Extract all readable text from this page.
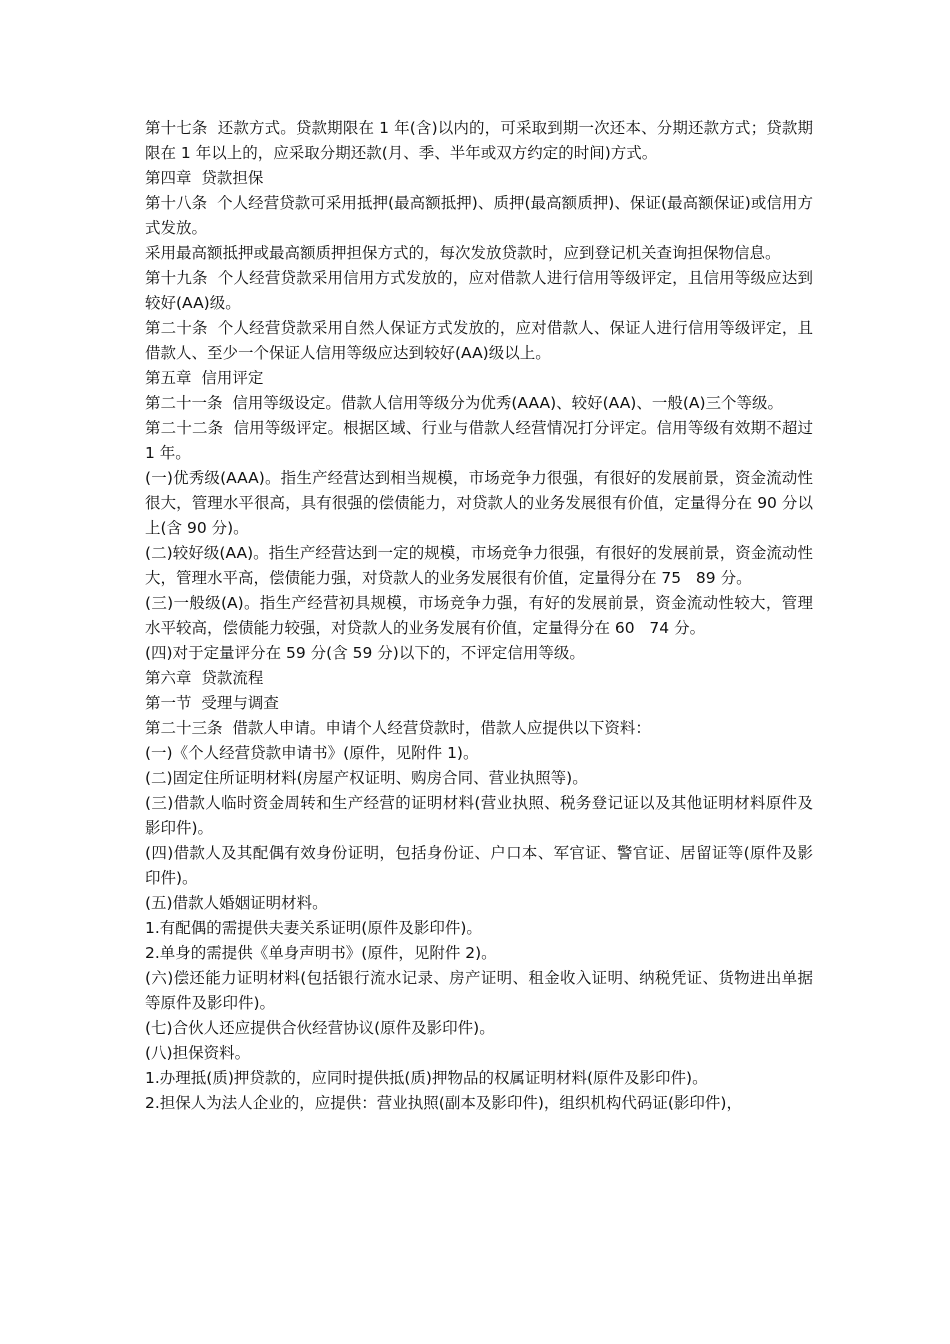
第十七条  还款方式。贷款期限在 1 年(含)以内的，可采取到期一次还本、分期还款方式；贷款期限在 1 年以上的，应采取分期还款(月、季、半年或双方约定的时间)方式。

第四章  贷款担保

第十八条  个人经营贷款可采用抵押(最高额抵押)、质押(最高额质押)、保证(最高额保证)或信用方式发放。

采用最高额抵押或最高额质押担保方式的，每次发放贷款时，应到登记机关查询担保物信息。

第十九条  个人经营贷款采用信用方式发放的，应对借款人进行信用等级评定，且信用等级应达到较好(AA)级。

第二十条  个人经营贷款采用自然人保证方式发放的，应对借款人、保证人进行信用等级评定，且借款人、至少一个保证人信用等级应达到较好(AA)级以上。

第五章  信用评定

第二十一条  信用等级设定。借款人信用等级分为优秀(AAA)、较好(AA)、一般(A)三个等级。

第二十二条  信用等级评定。根据区域、行业与借款人经营情况打分评定。信用等级有效期不超过 1 年。

(一)优秀级(AAA)。指生产经营达到相当规模，市场竞争力很强，有很好的发展前景，资金流动性很大，管理水平很高，具有很强的偿债能力，对贷款人的业务发展很有价值，定量得分在 90 分以上(含 90 分)。

(二)较好级(AA)。指生产经营达到一定的规模，市场竞争力很强，有很好的发展前景，资金流动性大，管理水平高，偿债能力强，对贷款人的业务发展很有价值，定量得分在 75   89 分。

(三)一般级(A)。指生产经营初具规模，市场竞争力强，有好的发展前景，资金流动性较大，管理水平较高，偿债能力较强，对贷款人的业务发展有价值，定量得分在 60   74 分。

(四)对于定量评分在 59 分(含 59 分)以下的，不评定信用等级。

第六章  贷款流程

第一节  受理与调查

第二十三条  借款人申请。申请个人经营贷款时，借款人应提供以下资料：

(一)《个人经营贷款申请书》(原件，见附件 1)。

(二)固定住所证明材料(房屋产权证明、购房合同、营业执照等)。

(三)借款人临时资金周转和生产经营的证明材料(营业执照、税务登记证以及其他证明材料原件及影印件)。

(四)借款人及其配偶有效身份证明，包括身份证、户口本、军官证、警官证、居留证等(原件及影印件)。

(五)借款人婚姻证明材料。

1.有配偶的需提供夫妻关系证明(原件及影印件)。

2.单身的需提供《单身声明书》(原件，见附件 2)。

(六)偿还能力证明材料(包括银行流水记录、房产证明、租金收入证明、纳税凭证、货物进出单据等原件及影印件)。

(七)合伙人还应提供合伙经营协议(原件及影印件)。

(八)担保资料。

1.办理抵(质)押贷款的，应同时提供抵(质)押物品的权属证明材料(原件及影印件)。

2.担保人为法人企业的，应提供：营业执照(副本及影印件)，组织机构代码证(影印件)，
